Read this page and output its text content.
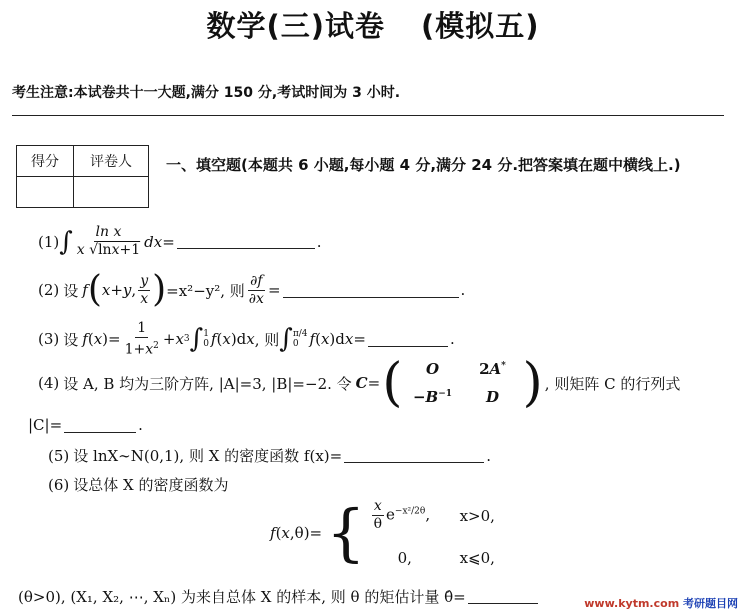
数学(三)试卷 (模拟五)
考生注意:本试卷共十一大题,满分 150 分,考试时间为 3 小时.
得分	评卷人
	一、填空题(本题共 6 小题,每小题 4 分,满分 24 分.把答案填在题中横线上.)
(1) ∫ $\frac{\text{ln x}}{x √\ln x+1} dx=$	.
(2) 设 f ( x + y , $\frac{y}{x}$ ) =x²−y², 则 $\frac{\partial f}{\partial x}$ =	.
(3) 设 f ( x )= $\frac{1}{1+x^2} + x$ 3 ∫ 1
0 f ( x )d x , 则 ∫ π/4
0 f ( x )d x =	.
(4) 设 A, B 均为三阶方阵, |A|=3, |B|=−2. 令 C = (	O	2A*
$-B^{-1}$	D ) , 则矩阵 C 的行列式
|C|=	.
(5) 设 lnX∼N(0,1), 则 X 的密度函数 f(x)=	.
(6) 设总体 X 的密度函数为
f ( x ,θ)= { $\frac{x}{\theta} e^{-x^2/2\theta}$,	x>0,
0,	x⩽0,
(θ>0), (X₁, X₂, ⋯, Xₙ) 为来自总体 X 的样本, 则 θ 的矩估计量 θ̂=	www.kytm.com 考研题目网
